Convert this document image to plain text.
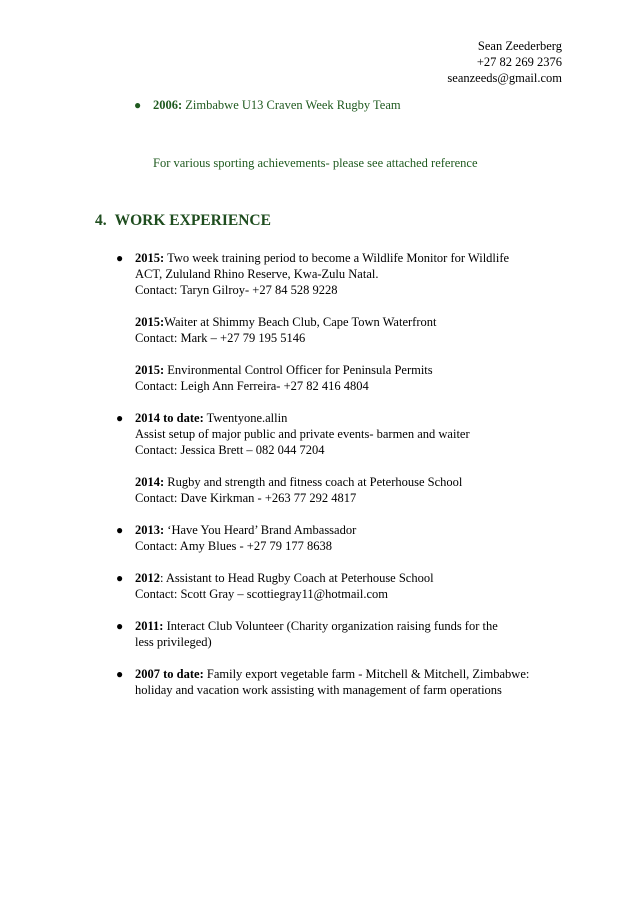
Sean Zeederberg
+27 82 269 2376
seanzeeds@gmail.com
● 2006: Zimbabwe U13 Craven Week Rugby Team
For various sporting achievements- please see attached reference
4. WORK EXPERIENCE
● 2015: Two week training period to become a Wildlife Monitor for Wildlife
ACT, Zululand Rhino Reserve, Kwa-Zulu Natal.
Contact: Taryn Gilroy- +27 84 528 9228
2015:Waiter at Shimmy Beach Club, Cape Town Waterfront
Contact: Mark – +27 79 195 5146
2015: Environmental Control Officer for Peninsula Permits
Contact: Leigh Ann Ferreira- +27 82 416 4804
● 2014 to date: Twentyone.allin
Assist setup of major public and private events- barmen and waiter
Contact: Jessica Brett – 082 044 7204
2014: Rugby and strength and fitness coach at Peterhouse School
Contact: Dave Kirkman - +263 77 292 4817
● 2013: ‘Have You Heard’ Brand Ambassador
Contact: Amy Blues - +27 79 177 8638
● 2012: Assistant to Head Rugby Coach at Peterhouse School
Contact: Scott Gray – scottiegray11@hotmail.com
● 2011: Interact Club Volunteer (Charity organization raising funds for the
less privileged)
● 2007 to date: Family export vegetable farm - Mitchell & Mitchell, Zimbabwe:
holiday and vacation work assisting with management of farm operations
